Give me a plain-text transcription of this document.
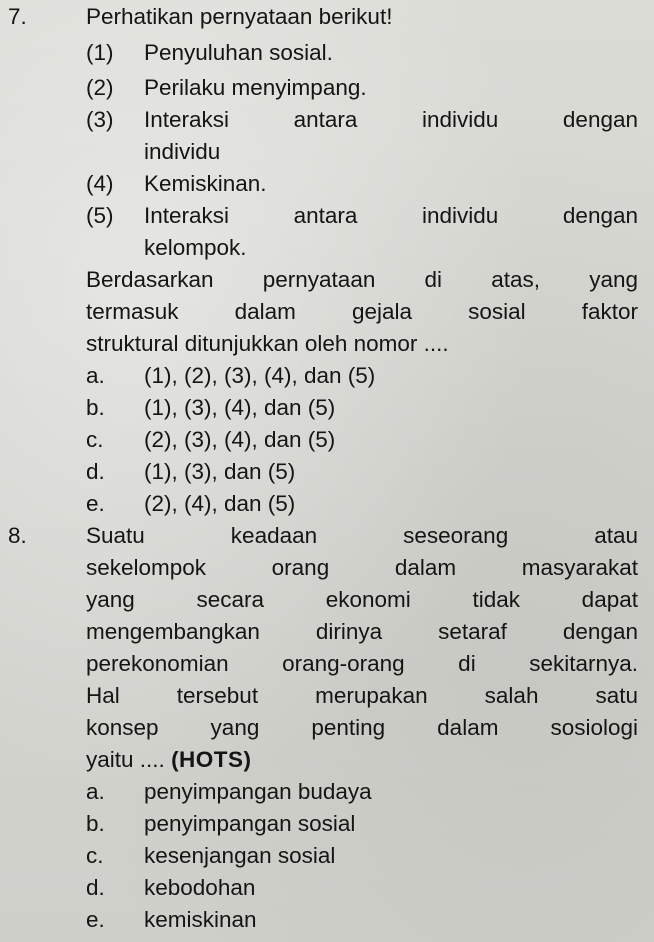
7.	Perhatikan pernyataan berikut!
(1) Penyuluhan sosial.
(2) Perilaku menyimpang.
(3) Interaksi antara individu dengan
individu
(4) Kemiskinan.
(5) Interaksi antara individu dengan
kelompok.
Berdasarkan pernyataan di atas, yang
termasuk dalam gejala sosial faktor
struktural ditunjukkan oleh nomor ....
a. (1), (2), (3), (4), dan (5)
b. (1), (3), (4), dan (5)
c. (2), (3), (4), dan (5)
d. (1), (3), dan (5)
e. (2), (4), dan (5)
8.	Suatu keadaan seseorang atau
sekelompok orang dalam masyarakat
yang secara ekonomi tidak dapat
mengembangkan dirinya setaraf dengan
perekonomian orang-orang di sekitarnya.
Hal tersebut merupakan salah satu
konsep yang penting dalam sosiologi
yaitu .... (HOTS)
a. penyimpangan budaya
b. penyimpangan sosial
c. kesenjangan sosial
d. kebodohan
e. kemiskinan
